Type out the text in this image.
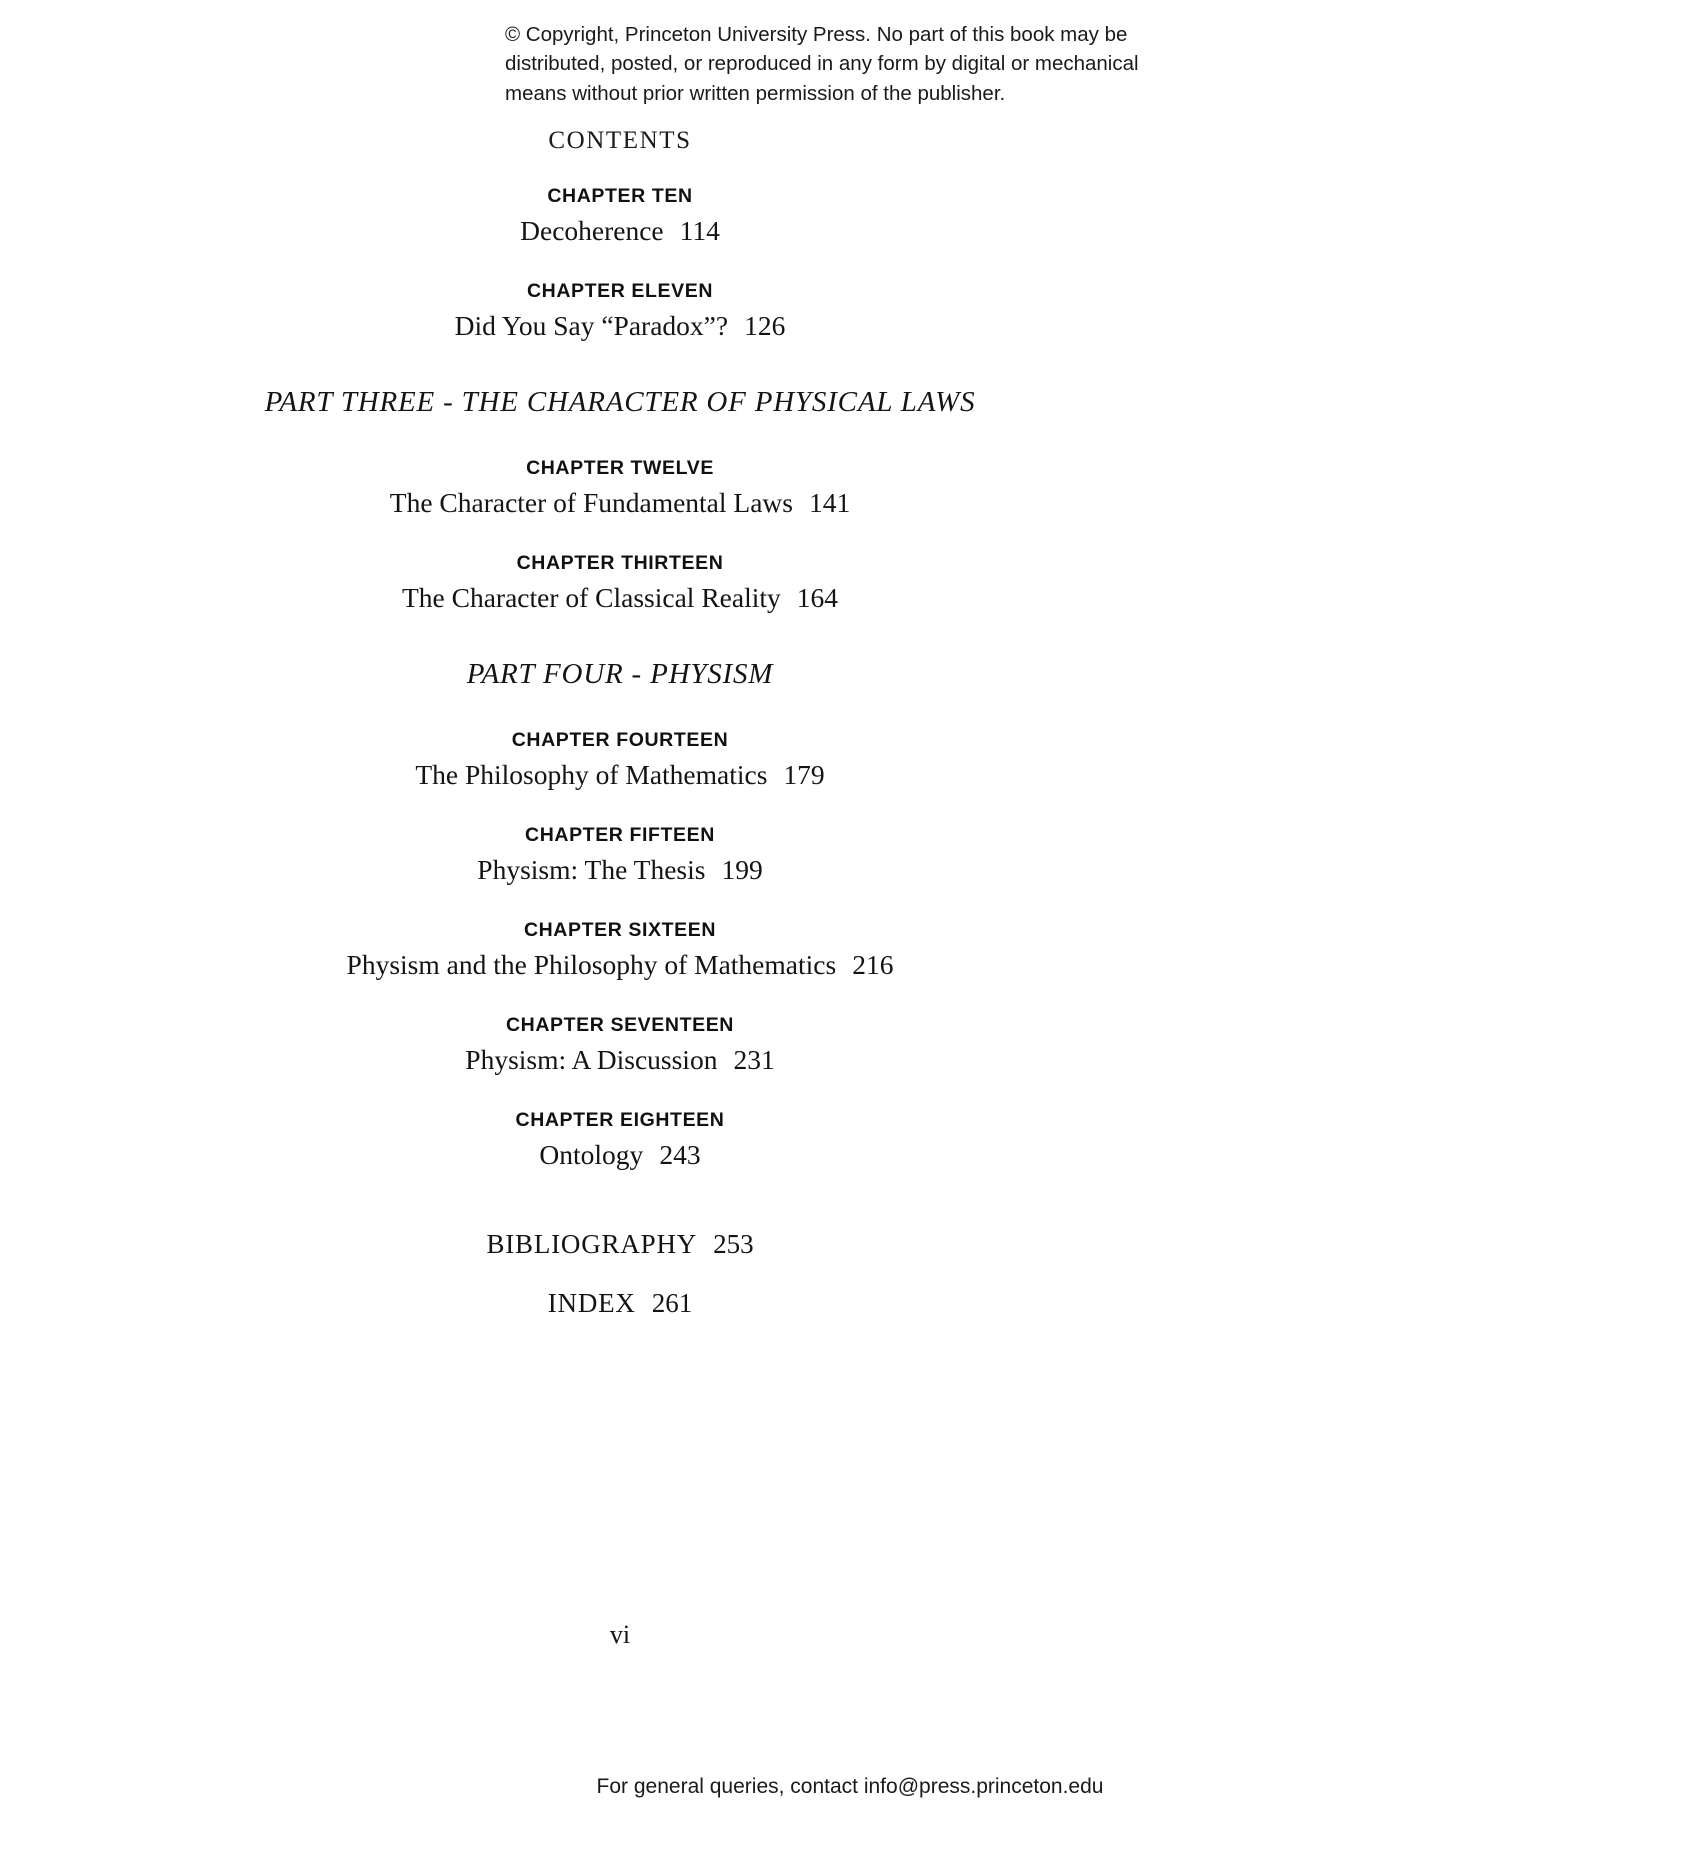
© Copyright, Princeton University Press. No part of this book may be distributed, posted, or reproduced in any form by digital or mechanical means without prior written permission of the publisher.
CONTENTS
CHAPTER TEN
Decoherence 114
CHAPTER ELEVEN
Did You Say “Paradox”? 126
PART THREE - THE CHARACTER OF PHYSICAL LAWS
CHAPTER TWELVE
The Character of Fundamental Laws 141
CHAPTER THIRTEEN
The Character of Classical Reality 164
PART FOUR - PHYSISM
CHAPTER FOURTEEN
The Philosophy of Mathematics 179
CHAPTER FIFTEEN
Physism: The Thesis 199
CHAPTER SIXTEEN
Physism and the Philosophy of Mathematics 216
CHAPTER SEVENTEEN
Physism: A Discussion 231
CHAPTER EIGHTEEN
Ontology 243
BIBLIOGRAPHY 253
INDEX 261
vi
For general queries, contact info@press.princeton.edu
